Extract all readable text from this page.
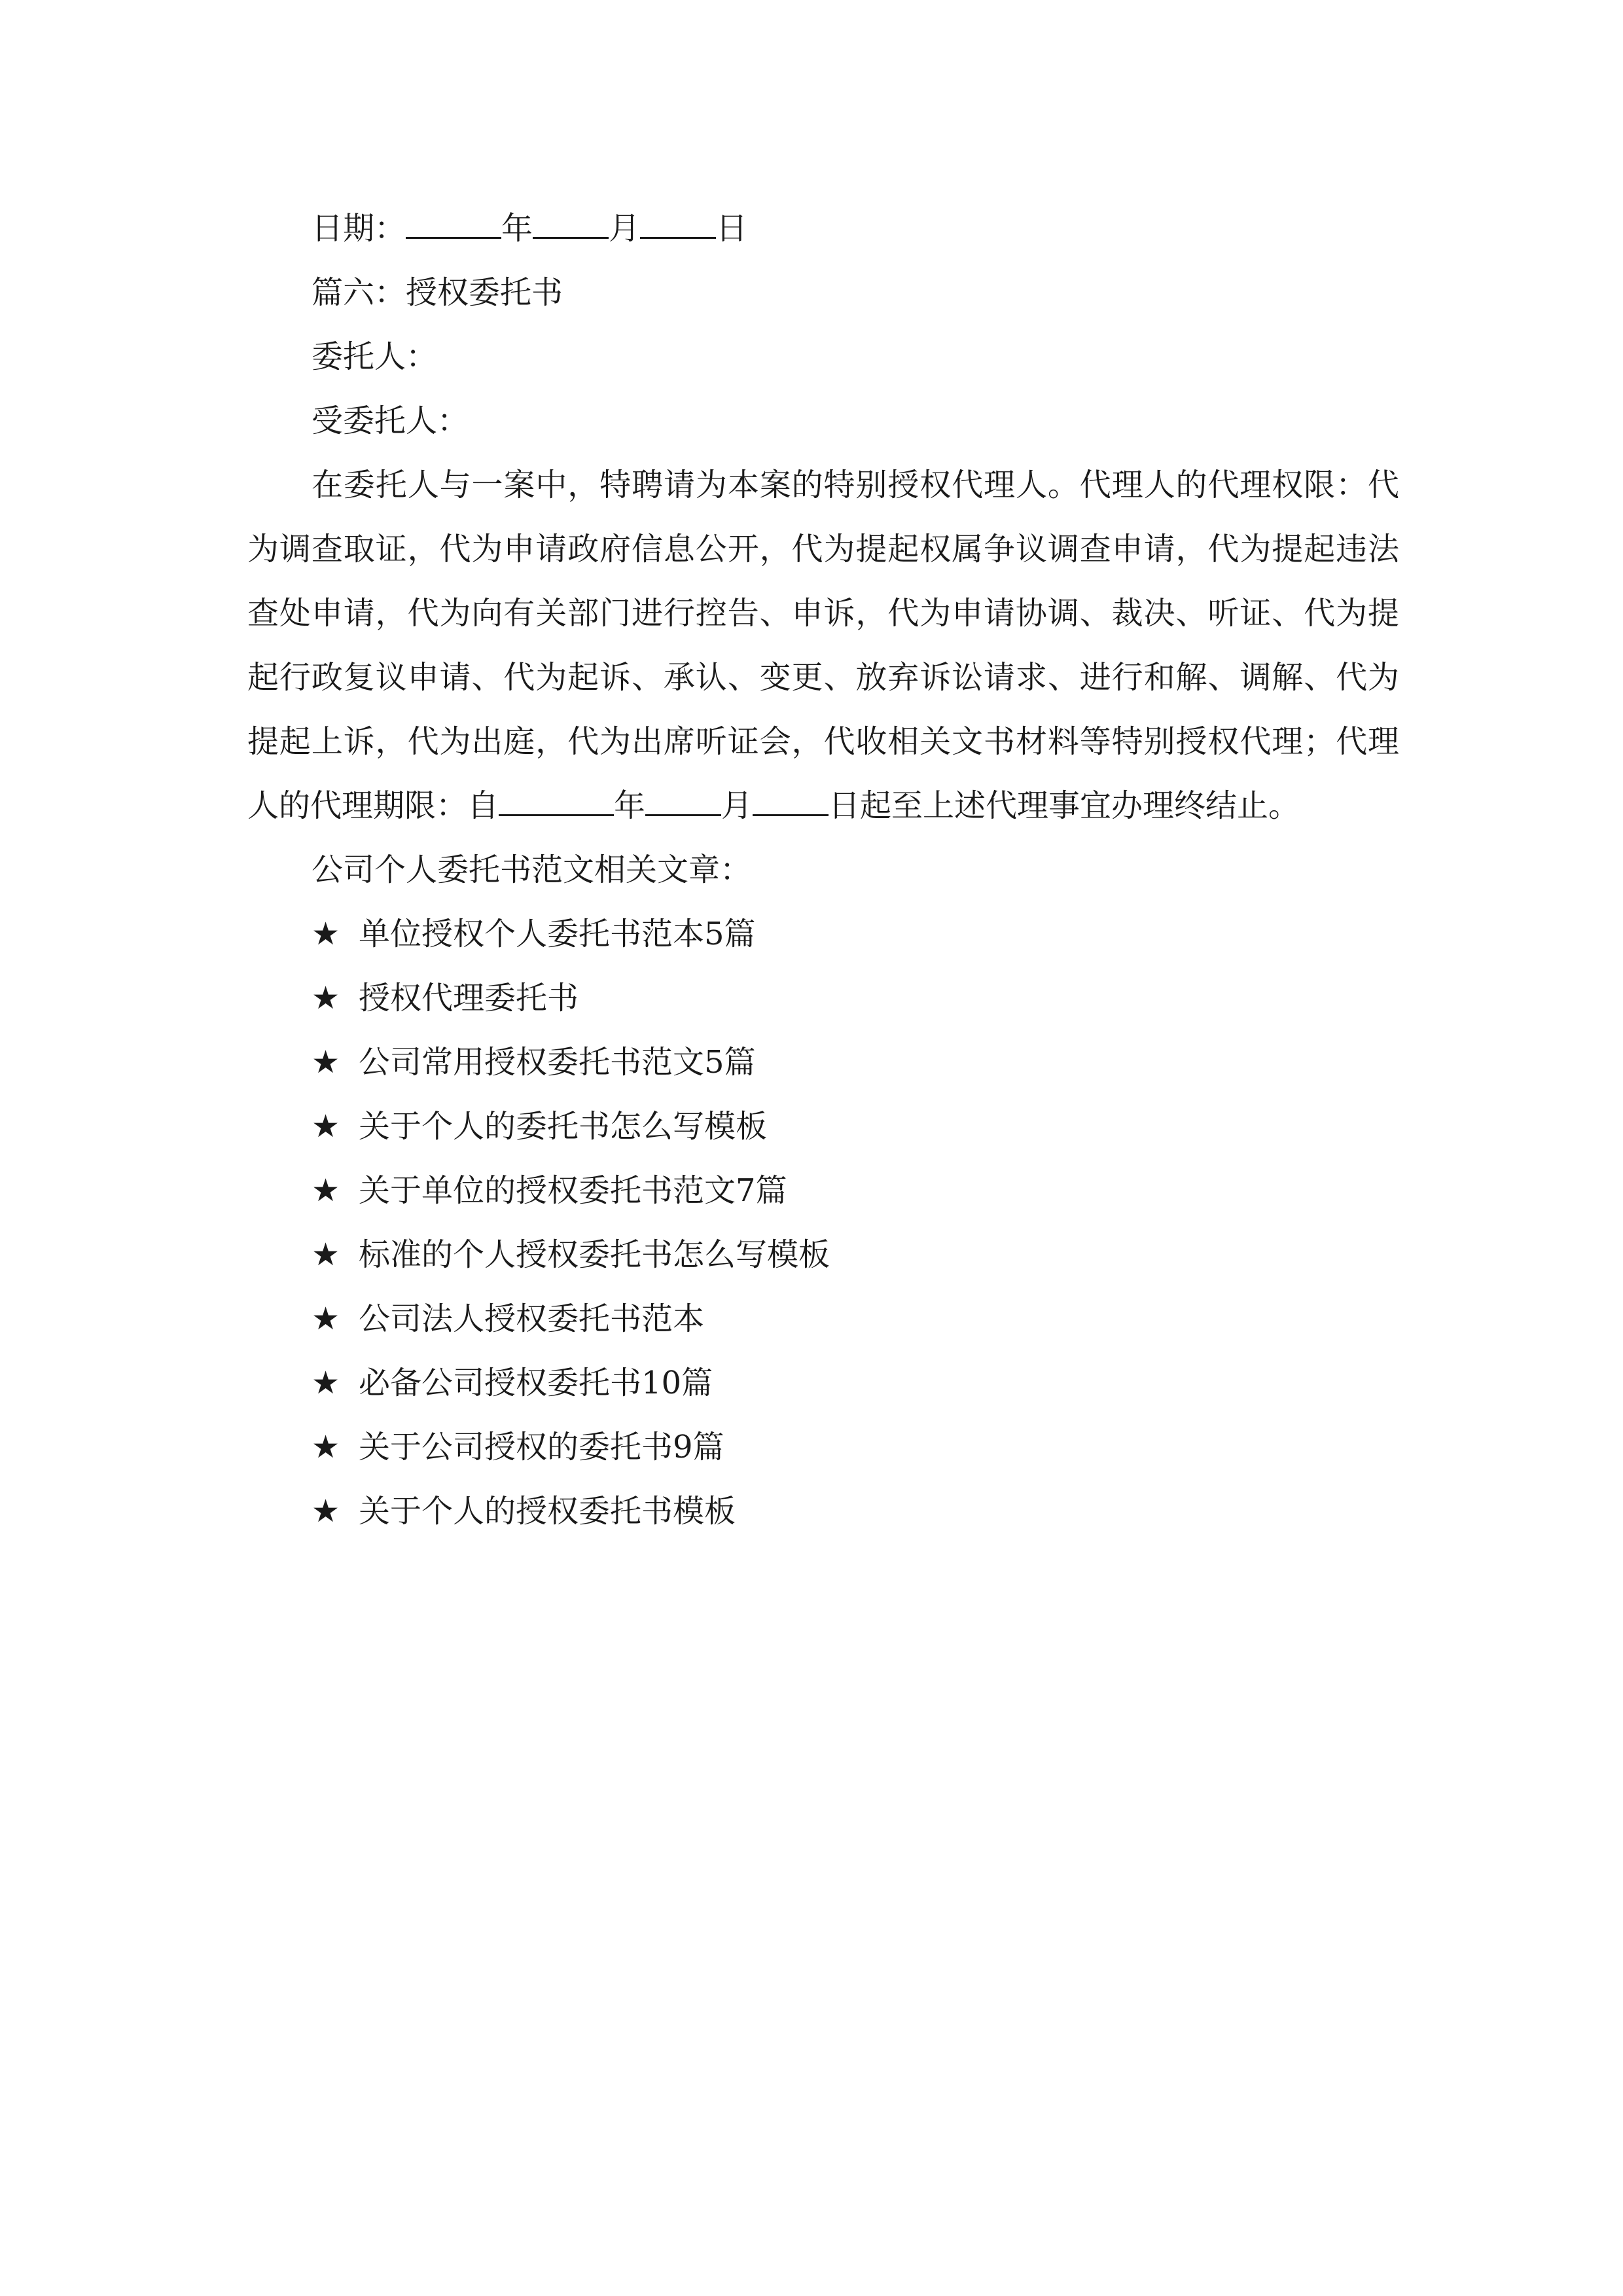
日期：	年 月 日
篇六：授权委托书
委托人：
受委托人：

在委托人与一案中，特聘请为本案的特别授权代理人。代理人的代理权限：代为调查取证，代为申请政府信息公开，代为提起权属争议调查申请，代为提起违法查处申请，代为向有关部门进行控告、申诉，代为申请协调、裁决、听证、代为提起行政复议申请、代为起诉、承认、变更、放弃诉讼请求、进行和解、调解、代为提起上诉，代为出庭，代为出席听证会，代收相关文书材料等特别授权代理；代理人的代理期限：自	年 月 日起至上述代理事宜办理终结止。

公司个人委托书范文相关文章：
★ 单位授权个人委托书范本5篇
★ 授权代理委托书
★ 公司常用授权委托书范文5篇
★ 关于个人的委托书怎么写模板
★ 关于单位的授权委托书范文7篇
★ 标准的个人授权委托书怎么写模板
★ 公司法人授权委托书范本
★ 必备公司授权委托书10篇
★ 关于公司授权的委托书9篇
★ 关于个人的授权委托书模板
